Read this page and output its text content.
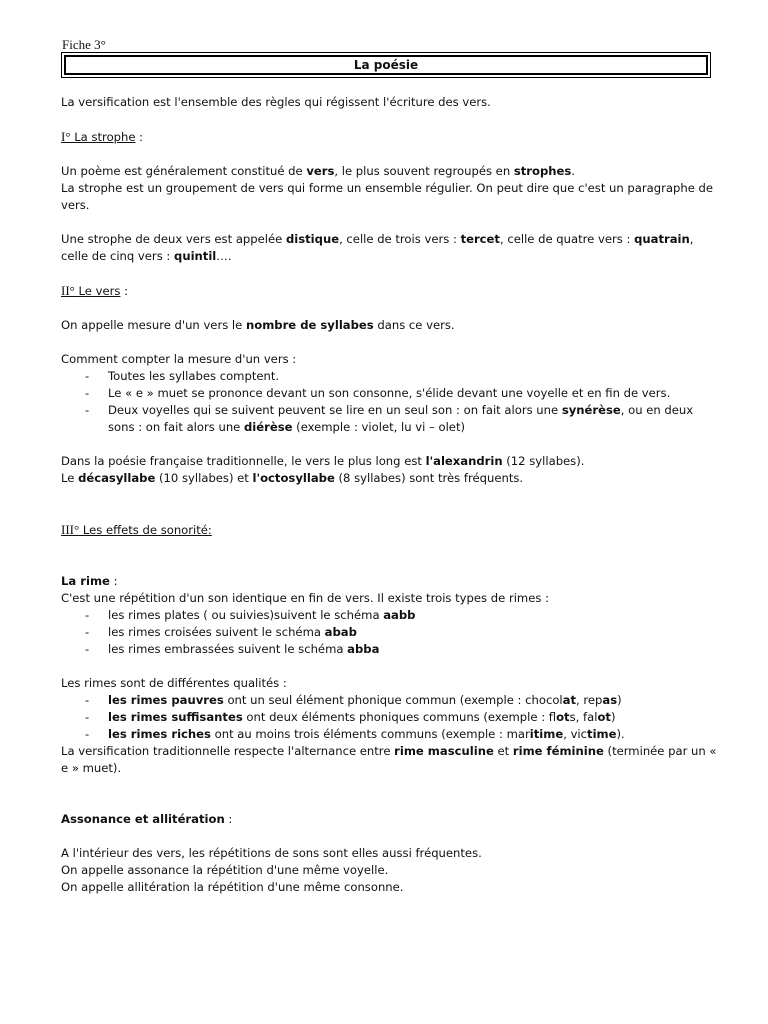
Fiche 3°
La poésie

La versification est l'ensemble des règles qui régissent l'écriture des vers.

I° La strophe :

Un poème est généralement constitué de vers, le plus souvent regroupés en strophes.

La strophe est un groupement de vers qui forme un ensemble régulier. On peut dire que c'est un paragraphe de vers.

Une strophe de deux vers est appelée distique, celle de trois vers : tercet, celle de quatre vers : quatrain, celle de cinq vers : quintil….

II° Le vers :

On appelle mesure d'un vers le nombre de syllabes dans ce vers.

Comment compter la mesure d'un vers :

- Toutes les syllabes comptent.
- Le « e » muet se prononce devant un son consonne, s'élide devant une voyelle et en fin de vers.
- Deux voyelles qui se suivent peuvent se lire en un seul son : on fait alors une synérèse, ou en deux sons : on fait alors une diérèse (exemple : violet, lu vi – olet)

Dans la poésie française traditionnelle, le vers le plus long est l'alexandrin (12 syllabes).

Le décasyllabe (10 syllabes) et l'octosyllabe (8 syllabes) sont très fréquents.

III° Les effets de sonorité:

La rime :

C'est une répétition d'un son identique en fin de vers. Il existe trois types de rimes :

- les rimes plates ( ou suivies)suivent le schéma aabb
- les rimes croisées suivent le schéma abab
- les rimes embrassées suivent le schéma abba

Les rimes sont de différentes qualités :

- les rimes pauvres ont un seul élément phonique commun (exemple : chocolat, repas)
- les rimes suffisantes ont deux éléments phoniques communs (exemple : flots, falot)
- les rimes riches ont au moins trois éléments communs (exemple : maritime, victime).

La versification traditionnelle respecte l'alternance entre rime masculine et rime féminine (terminée par un « e » muet).

Assonance et allitération :

A l'intérieur des vers, les répétitions de sons sont elles aussi fréquentes.

On appelle assonance la répétition d'une même voyelle.

On appelle allitération la répétition d'une même consonne.
